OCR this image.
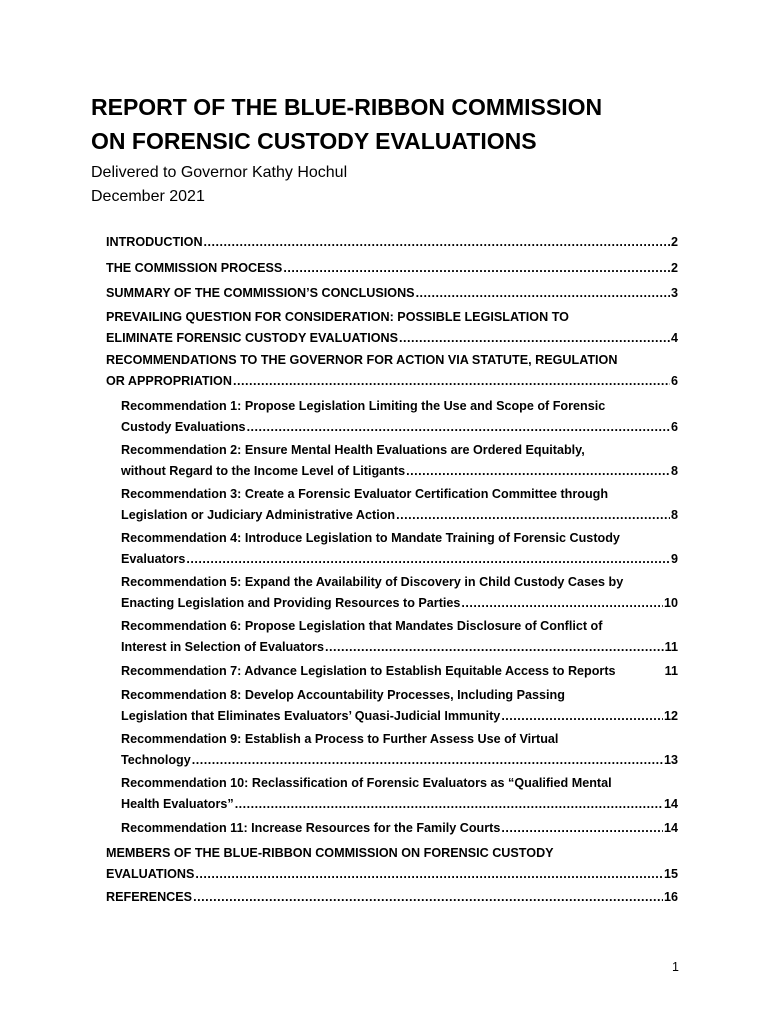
REPORT OF THE BLUE-RIBBON COMMISSION
ON FORENSIC CUSTODY EVALUATIONS
Delivered to Governor Kathy Hochul
December 2021
INTRODUCTION .....	2
THE COMMISSION PROCESS .....	2
SUMMARY OF THE COMMISSION’S CONCLUSIONS .....	3
PREVAILING QUESTION FOR CONSIDERATION: POSSIBLE LEGISLATION TO
ELIMINATE FORENSIC CUSTODY EVALUATIONS .....	4
RECOMMENDATIONS TO THE GOVERNOR FOR ACTION VIA STATUTE, REGULATION
OR APPROPRIATION .....	6
Recommendation 1: Propose Legislation Limiting the Use and Scope of Forensic
Custody Evaluations .....	6
Recommendation 2: Ensure Mental Health Evaluations are Ordered Equitably,
without Regard to the Income Level of Litigants .....	8
Recommendation 3: Create a Forensic Evaluator Certification Committee through
Legislation or Judiciary Administrative Action .....	8
Recommendation 4: Introduce Legislation to Mandate Training of Forensic Custody
Evaluators .....	9
Recommendation 5: Expand the Availability of Discovery in Child Custody Cases by
Enacting Legislation and Providing Resources to Parties .....	10
Recommendation 6: Propose Legislation that Mandates Disclosure of Conflict of
Interest in Selection of Evaluators .....	11
Recommendation 7: Advance Legislation to Establish Equitable Access to Reports	11
Recommendation 8: Develop Accountability Processes, Including Passing
Legislation that Eliminates Evaluators’ Quasi-Judicial Immunity .....	12
Recommendation 9: Establish a Process to Further Assess Use of Virtual
Technology .....	13
Recommendation 10: Reclassification of Forensic Evaluators as “Qualified Mental
Health Evaluators” .....	14
Recommendation 11: Increase Resources for the Family Courts .....	14
MEMBERS OF THE BLUE-RIBBON COMMISSION ON FORENSIC CUSTODY
EVALUATIONS .....	15
REFERENCES .....	16
1
